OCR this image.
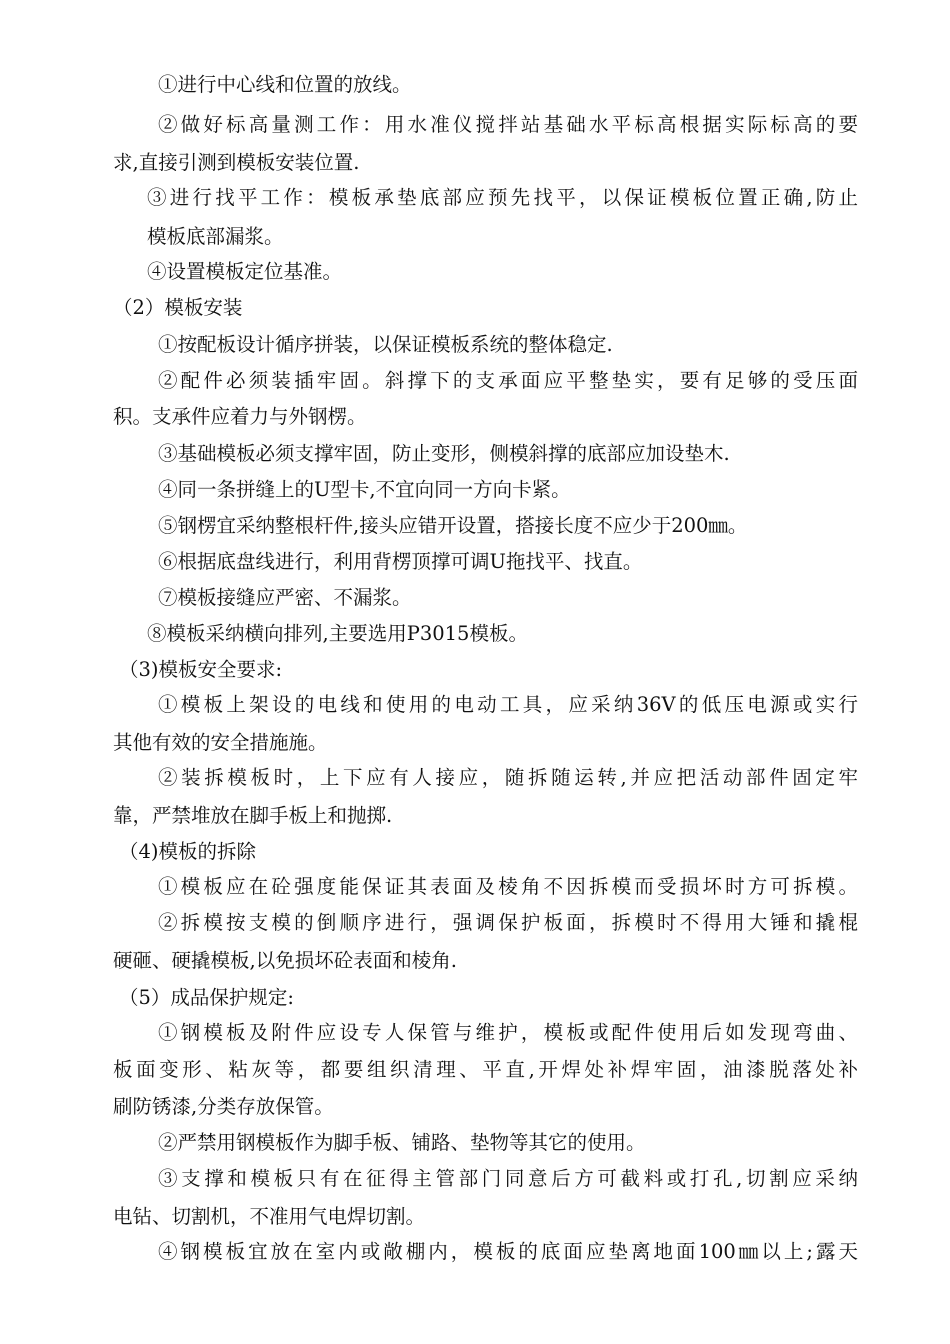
①进行中心线和位置的放线。
②做好标高量测工作：用水准仪搅拌站基础水平标高根据实际标高的要
求,直接引测到模板安装位置.
③进行找平工作：模板承垫底部应预先找平，以保证模板位置正确,防止
模板底部漏浆。
④设置模板定位基准。
（2）模板安装
①按配板设计循序拼装，以保证模板系统的整体稳定.
②配件必须装插牢固。斜撑下的支承面应平整垫实，要有足够的受压面
积。支承件应着力与外钢楞。
③基础模板必须支撑牢固，防止变形，侧模斜撑的底部应加设垫木.
④同一条拼缝上的U型卡,不宜向同一方向卡紧。
⑤钢楞宜采纳整根杆件,接头应错开设置，搭接长度不应少于200㎜。
⑥根据底盘线进行，利用背楞顶撑可调U拖找平、找直。
⑦模板接缝应严密、不漏浆。
⑧模板采纳横向排列,主要选用P3015模板。
（3)模板安全要求:
①模板上架设的电线和使用的电动工具，应采纳36V的低压电源或实行
其他有效的安全措施施。
②装拆模板时，上下应有人接应，随拆随运转,并应把活动部件固定牢
靠，严禁堆放在脚手板上和抛掷.
（4)模板的拆除
①模板应在砼强度能保证其表面及棱角不因拆模而受损坏时方可拆模。
②拆模按支模的倒顺序进行，强调保护板面，拆模时不得用大锤和撬棍
硬砸、硬撬模板,以免损坏砼表面和棱角.
（5）成品保护规定:
①钢模板及附件应设专人保管与维护，模板或配件使用后如发现弯曲、
板面变形、粘灰等，都要组织清理、平直,开焊处补焊牢固，油漆脱落处补
刷防锈漆,分类存放保管。
②严禁用钢模板作为脚手板、铺路、垫物等其它的使用。
③支撑和模板只有在征得主管部门同意后方可截料或打孔,切割应采纳
电钻、切割机，不准用气电焊切割。
④钢模板宜放在室内或敞棚内，模板的底面应垫离地面100㎜以上;露天
